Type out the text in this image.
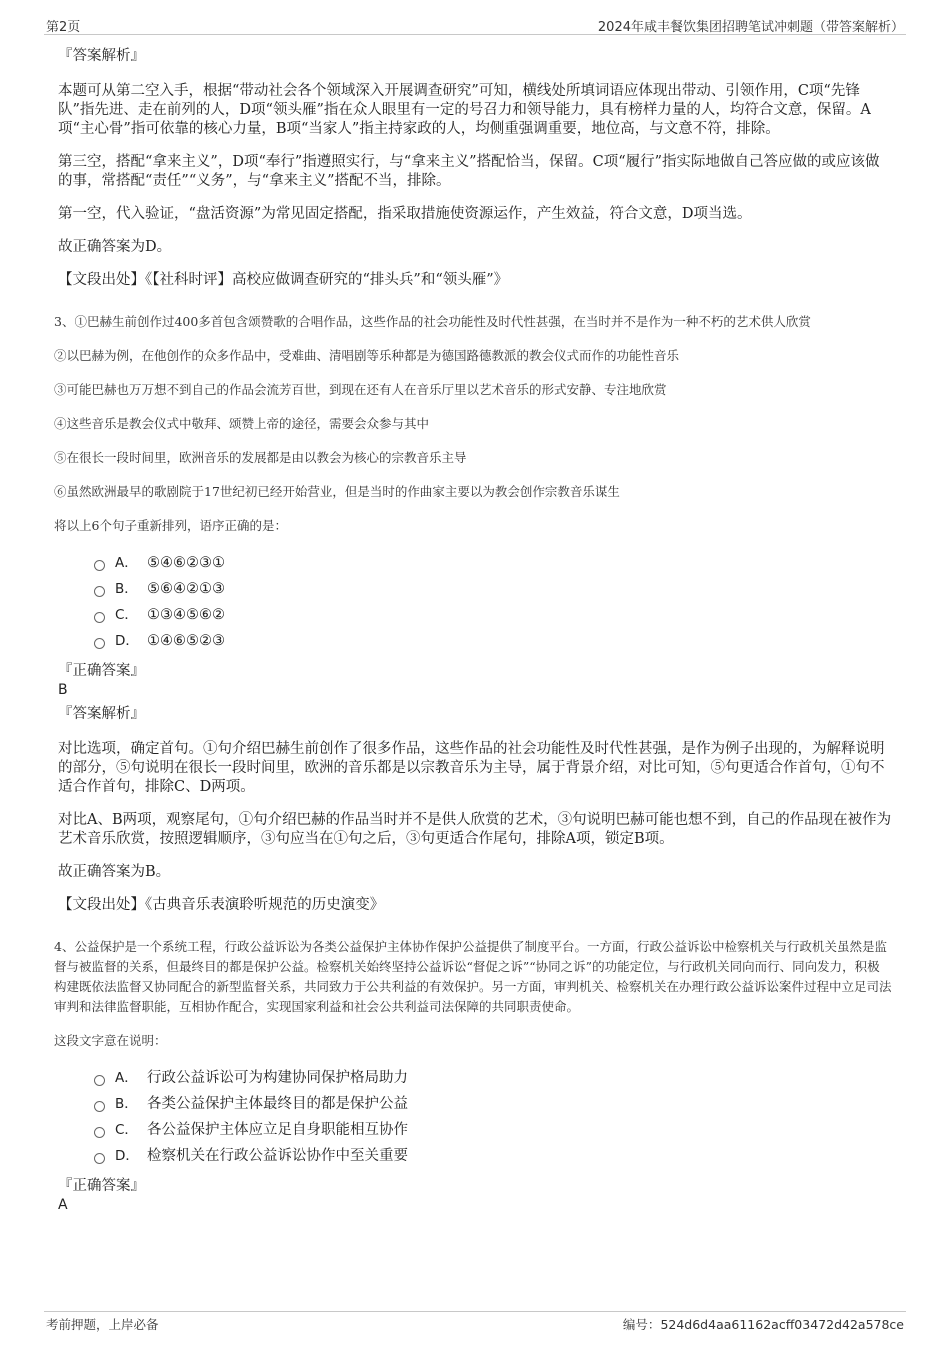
第2页	2024年咸丰餐饮集团招聘笔试冲刺题（带答案解析）
『答案解析』

本题可从第二空入手，根据“带动社会各个领域深入开展调查研究”可知，横线处所填词语应体现出带动、引领作用，C项“先锋队”指先进、走在前列的人，D项“领头雁”指在众人眼里有一定的号召力和领导能力，具有榜样力量的人，均符合文意，保留。A项“主心骨”指可依靠的核心力量，B项“当家人”指主持家政的人，均侧重强调重要，地位高，与文意不符，排除。

第三空，搭配“拿来主义”，D项“奉行”指遵照实行，与“拿来主义”搭配恰当，保留。C项“履行”指实际地做自己答应做的或应该做的事，常搭配“责任”“义务”，与“拿来主义”搭配不当，排除。

第一空，代入验证，“盘活资源”为常见固定搭配，指采取措施使资源运作，产生效益，符合文意，D项当选。

故正确答案为D。

【文段出处】《【社科时评】高校应做调查研究的“排头兵”和“领头雁”》

3、①巴赫生前创作过400多首包含颂赞歌的合唱作品，这些作品的社会功能性及时代性甚强，在当时并不是作为一种不朽的艺术供人欣赏

②以巴赫为例，在他创作的众多作品中，受难曲、清唱剧等乐种都是为德国路德教派的教会仪式而作的功能性音乐

③可能巴赫也万万想不到自己的作品会流芳百世，到现在还有人在音乐厅里以艺术音乐的形式安静、专注地欣赏

④这些音乐是教会仪式中敬拜、颂赞上帝的途径，需要会众参与其中

⑤在很长一段时间里，欧洲音乐的发展都是由以教会为核心的宗教音乐主导

⑥虽然欧洲最早的歌剧院于17世纪初已经开始营业，但是当时的作曲家主要以为教会创作宗教音乐谋生

将以上6个句子重新排列，语序正确的是：

A． ⑤④⑥②③①
B． ⑤⑥④②①③
C． ①③④⑤⑥②
D． ①④⑥⑤②③
『正确答案』
B
『答案解析』

对比选项，确定首句。①句介绍巴赫生前创作了很多作品，这些作品的社会功能性及时代性甚强，是作为例子出现的，为解释说明的部分，⑤句说明在很长一段时间里，欧洲的音乐都是以宗教音乐为主导，属于背景介绍，对比可知，⑤句更适合作首句，①句不适合作首句，排除C、D两项。

对比A、B两项，观察尾句，①句介绍巴赫的作品当时并不是供人欣赏的艺术，③句说明巴赫可能也想不到，自己的作品现在被作为艺术音乐欣赏，按照逻辑顺序，③句应当在①句之后，③句更适合作尾句，排除A项，锁定B项。

故正确答案为B。

【文段出处】《古典音乐表演聆听规范的历史演变》

4、公益保护是一个系统工程，行政公益诉讼为各类公益保护主体协作保护公益提供了制度平台。一方面，行政公益诉讼中检察机关与行政机关虽然是监督与被监督的关系，但最终目的都是保护公益。检察机关始终坚持公益诉讼“督促之诉”“协同之诉”的功能定位，与行政机关同向而行、同向发力，积极构建既依法监督又协同配合的新型监督关系，共同致力于公共利益的有效保护。另一方面，审判机关、检察机关在办理行政公益诉讼案件过程中立足司法审判和法律监督职能，互相协作配合，实现国家利益和社会公共利益司法保障的共同职责使命。

这段文字意在说明：

A． 行政公益诉讼可为构建协同保护格局助力
B． 各类公益保护主体最终目的都是保护公益
C． 各公益保护主体应立足自身职能相互协作
D． 检察机关在行政公益诉讼协作中至关重要
『正确答案』
A
考前押题，上岸必备	编号：524d6d4aa61162acff03472d42a578ce
